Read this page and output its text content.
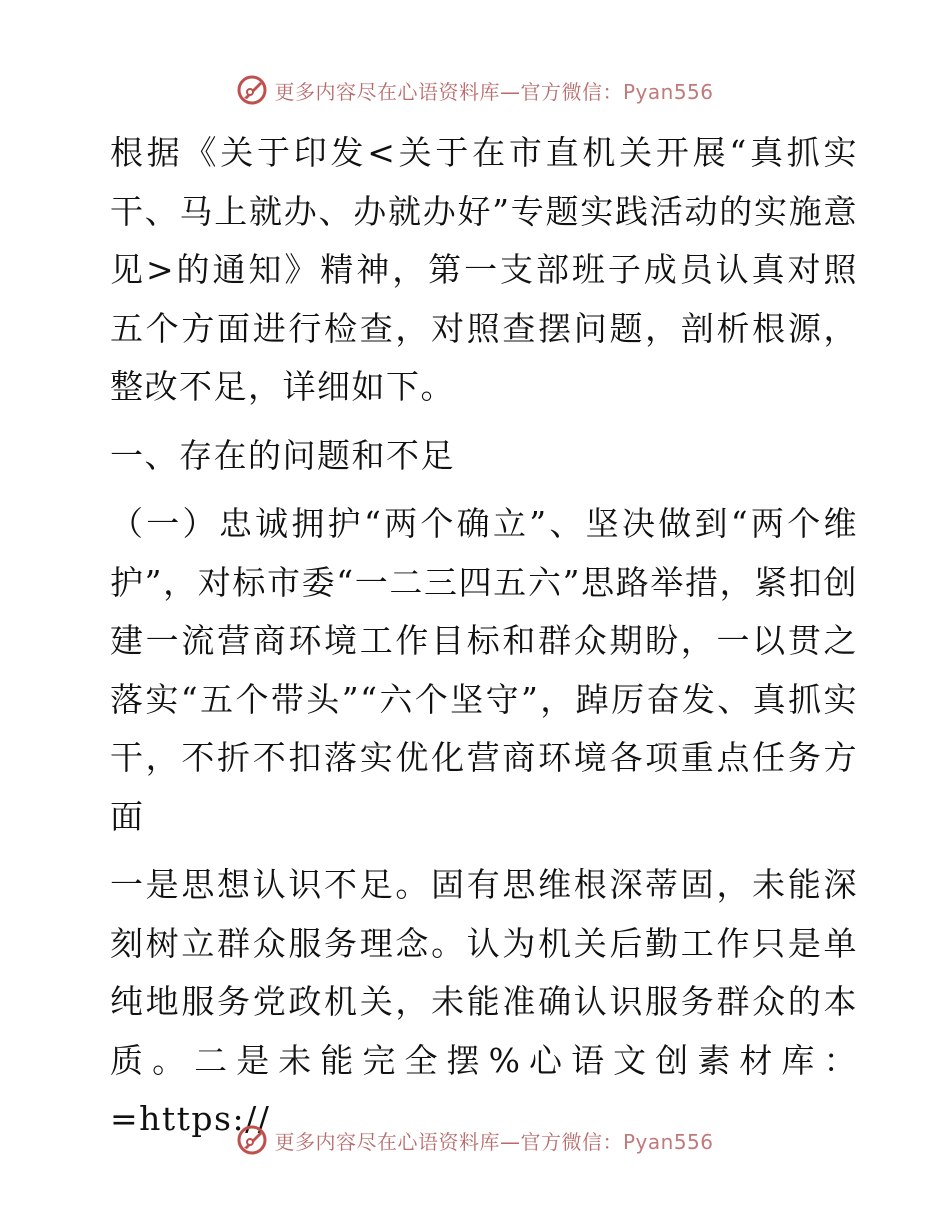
更多内容尽在心语资料库—官方微信：Pyan556

根据《关于印发<关于在市直机关开展“真抓实干、马上就办、办就办好”专题实践活动的实施意见>的通知》精神，第一支部班子成员认真对照五个方面进行检查，对照查摆问题，剖析根源，整改不足，详细如下。

一、存在的问题和不足

（一）忠诚拥护“两个确立”、坚决做到“两个维护”，对标市委“一二三四五六”思路举措，紧扣创建一流营商环境工作目标和群众期盼，一以贯之落实“五个带头”“六个坚守”，踔厉奋发、真抓实干，不折不扣落实优化营商环境各项重点任务方面

一是思想认识不足。固有思维根深蒂固，未能深刻树立群众服务理念。认为机关后勤工作只是单纯地服务党政机关，未能准确认识服务群众的本质。二是未能完全摆%心语文创素材库：=https://

更多内容尽在心语资料库—官方微信：Pyan556
